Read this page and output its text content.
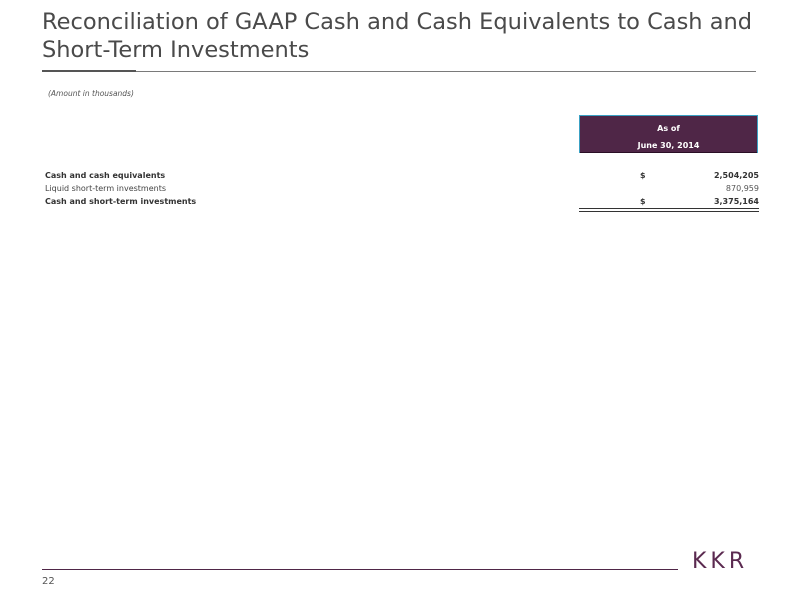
Reconciliation of GAAP Cash and Cash Equivalents to Cash and Short-Term Investments
(Amount in thousands)
As of
June 30, 2014
Cash and cash equivalents	$	2,504,205
Liquid short-term investments	870,959
Cash and short-term investments	$	3,375,164
22
KKR
